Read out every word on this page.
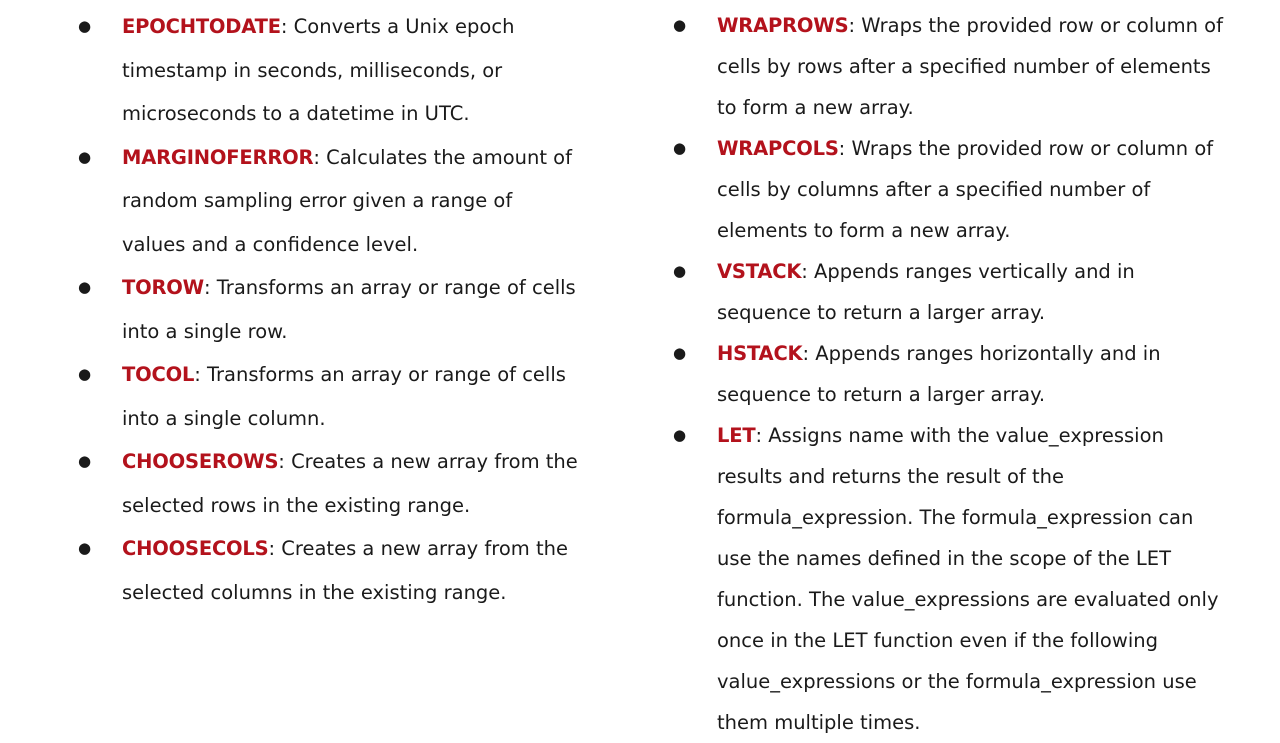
● EPOCHTODATE: Converts a Unix epoch timestamp in seconds, milliseconds, or microseconds to a datetime in UTC.
● MARGINOFERROR: Calculates the amount of random sampling error given a range of values and a confidence level.
● TOROW: Transforms an array or range of cells into a single row.
● TOCOL: Transforms an array or range of cells into a single column.
● CHOOSEROWS: Creates a new array from the selected rows in the existing range.
● CHOOSECOLS: Creates a new array from the selected columns in the existing range.
● WRAPROWS: Wraps the provided row or column of cells by rows after a specified number of elements to form a new array.
● WRAPCOLS: Wraps the provided row or column of cells by columns after a specified number of elements to form a new array.
● VSTACK: Appends ranges vertically and in sequence to return a larger array.
● HSTACK: Appends ranges horizontally and in sequence to return a larger array.
● LET: Assigns name with the value_expression results and returns the result of the formula_expression. The formula_expression can use the names defined in the scope of the LET function. The value_expressions are evaluated only once in the LET function even if the following value_expressions or the formula_expression use them multiple times.
